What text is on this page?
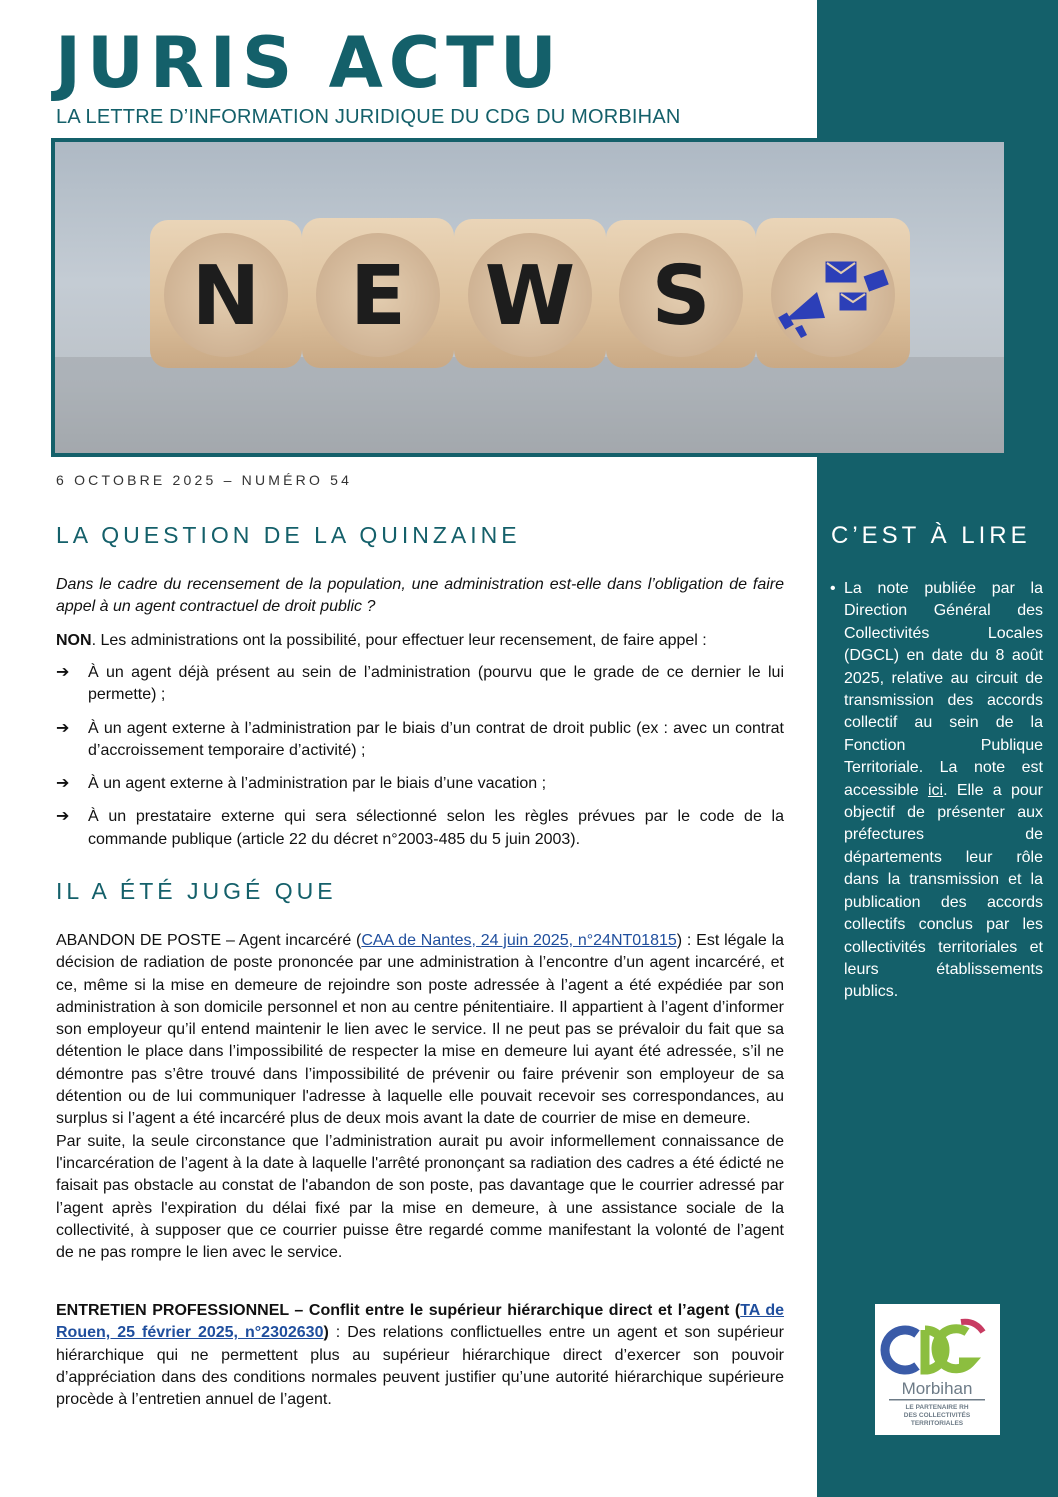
JURIS ACTU
LA LETTRE D’INFORMATION JURIDIQUE DU CDG DU MORBIHAN
N E W S
6 OCTOBRE 2025 – NUMÉRO 54
LA QUESTION DE LA QUINZAINE

Dans le cadre du recensement de la population, une administration est-elle dans l’obligation de faire appel à un agent contractuel de droit public ?

NON. Les administrations ont la possibilité, pour effectuer leur recensement, de faire appel :

➔ À un agent déjà présent au sein de l’administration (pourvu que le grade de ce dernier le lui permette) ;
➔ À un agent externe à l’administration par le biais d’un contrat de droit public (ex : avec un contrat d’accroissement temporaire d’activité) ;
➔ À un agent externe à l’administration par le biais d’une vacation ;
➔ À un prestataire externe qui sera sélectionné selon les règles prévues par le code de la commande publique (article 22 du décret n°2003-485 du 5 juin 2003).
IL A ÉTÉ JUGÉ QUE

ABANDON DE POSTE – Agent incarcéré (CAA de Nantes, 24 juin 2025, n°24NT01815) : Est légale la décision de radiation de poste prononcée par une administration à l’encontre d’un agent incarcéré, et ce, même si la mise en demeure de rejoindre son poste adressée à l’agent a été expédiée par son administration à son domicile personnel et non au centre pénitentiaire. Il appartient à l’agent d’informer son employeur qu’il entend maintenir le lien avec le service. Il ne peut pas se prévaloir du fait que sa détention le place dans l’impossibilité de respecter la mise en demeure lui ayant été adressée, s’il ne démontre pas s’être trouvé dans l’impossibilité de prévenir ou faire prévenir son employeur de sa détention ou de lui communiquer l'adresse à laquelle elle pouvait recevoir ses correspondances, au surplus si l’agent a été incarcéré plus de deux mois avant la date de courrier de mise en demeure.

Par suite, la seule circonstance que l’administration aurait pu avoir informellement connaissance de l'incarcération de l’agent à la date à laquelle l'arrêté prononçant sa radiation des cadres a été édicté ne faisait pas obstacle au constat de l'abandon de son poste, pas davantage que le courrier adressé par l’agent après l'expiration du délai fixé par la mise en demeure, à une assistance sociale de la collectivité, à supposer que ce courrier puisse être regardé comme manifestant la volonté de l’agent de ne pas rompre le lien avec le service.

ENTRETIEN PROFESSIONNEL – Conflit entre le supérieur hiérarchique direct et l’agent (TA de Rouen, 25 février 2025, n°2302630) : Des relations conflictuelles entre un agent et son supérieur hiérarchique qui ne permettent plus au supérieur hiérarchique direct d’exercer son pouvoir d’appréciation dans des conditions normales peuvent justifier qu’une autorité hiérarchique supérieure procède à l’entretien annuel de l’agent.

C’EST À LIRE
• La note publiée par la Direction Général des Collectivités Locales (DGCL) en date du 8 août 2025, relative au circuit de transmission des accords collectif au sein de la Fonction Publique Territoriale. La note est accessible ici. Elle a pour objectif de présenter aux préfectures de départements leur rôle dans la transmission et la publication des accords collectifs conclus par les collectivités territoriales et leurs établissements publics.
Morbihan
LE PARTENAIRE RH
DES COLLECTIVITÉS
TERRITORIALES
